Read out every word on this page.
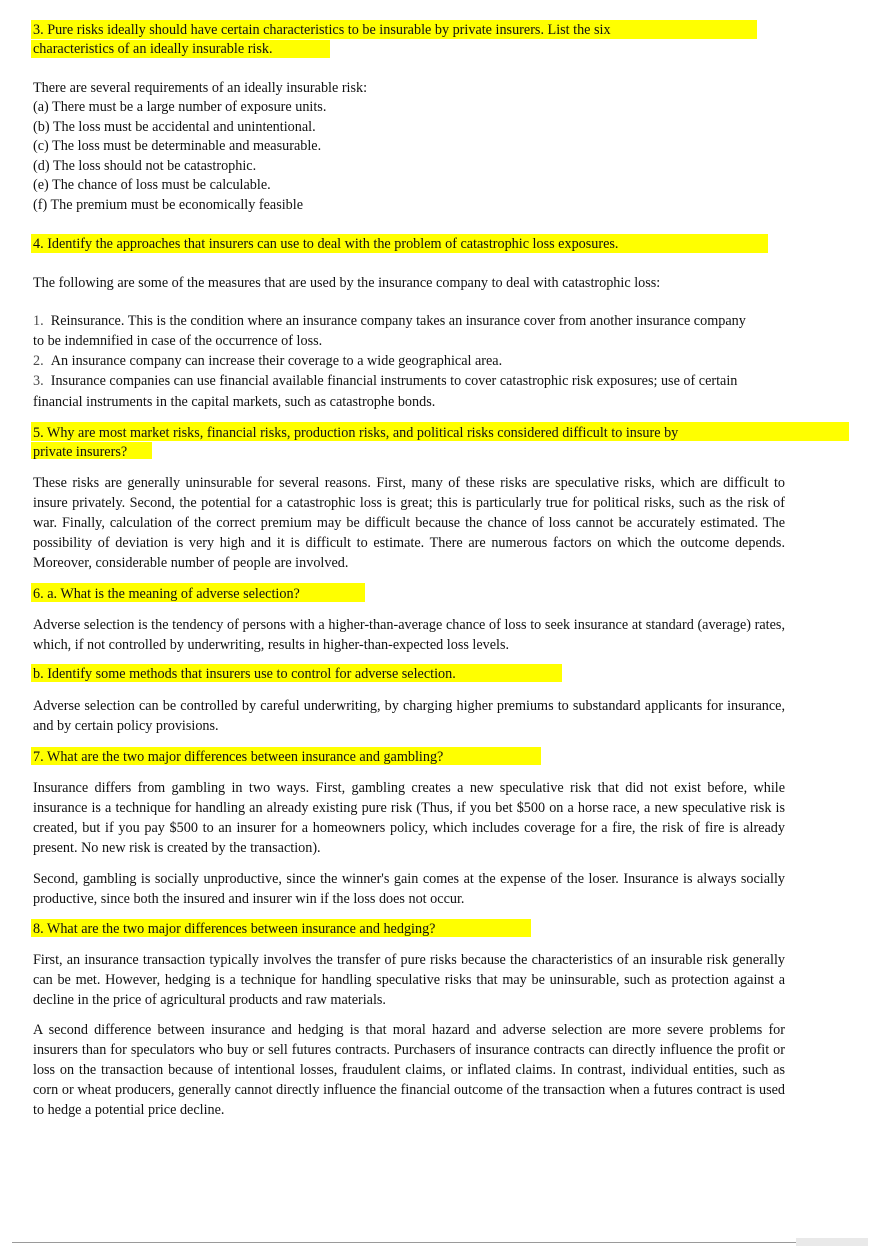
3. Pure risks ideally should have certain characteristics to be insurable by private insurers. List the six

characteristics of an ideally insurable risk.

There are several requirements of an ideally insurable risk:

(a) There must be a large number of exposure units.

(b) The loss must be accidental and unintentional.

(c) The loss must be determinable and measurable.

(d) The loss should not be catastrophic.

(e) The chance of loss must be calculable.

(f) The premium must be economically feasible

4. Identify the approaches that insurers can use to deal with the problem of catastrophic loss exposures.

The following are some of the measures that are used by the insurance company to deal with catastrophic loss:

1. Reinsurance. This is the condition where an insurance company takes an insurance cover from another insurance company

to be indemnified in case of the occurrence of loss.

2. An insurance company can increase their coverage to a wide geographical area.

3. Insurance companies can use financial available financial instruments to cover catastrophic risk exposures; use of certain

financial instruments in the capital markets, such as catastrophe bonds.

5. Why are most market risks, financial risks, production risks, and political risks considered difficult to insure by

private insurers?

These risks are generally uninsurable for several reasons. First, many of these risks are speculative risks, which are difficult to insure privately. Second, the potential for a catastrophic loss is great; this is particularly true for political risks, such as the risk of war. Finally, calculation of the correct premium may be difficult because the chance of loss cannot be accurately estimated. The possibility of deviation is very high and it is difficult to estimate. There are numerous factors on which the outcome depends. Moreover, considerable number of people are involved.

6. a. What is the meaning of adverse selection?

Adverse selection is the tendency of persons with a higher-than-average chance of loss to seek insurance at standard (average) rates, which, if not controlled by underwriting, results in higher-than-expected loss levels.

b. Identify some methods that insurers use to control for adverse selection.

Adverse selection can be controlled by careful underwriting, by charging higher premiums to substandard applicants for insurance, and by certain policy provisions.

7. What are the two major differences between insurance and gambling?

Insurance differs from gambling in two ways. First, gambling creates a new speculative risk that did not exist before, while insurance is a technique for handling an already existing pure risk (Thus, if you bet $500 on a horse race, a new speculative risk is created, but if you pay $500 to an insurer for a homeowners policy, which includes coverage for a fire, the risk of fire is already present. No new risk is created by the transaction).

Second, gambling is socially unproductive, since the winner's gain comes at the expense of the loser. Insurance is always socially productive, since both the insured and insurer win if the loss does not occur.

8. What are the two major differences between insurance and hedging?

First, an insurance transaction typically involves the transfer of pure risks because the characteristics of an insurable risk generally can be met. However, hedging is a technique for handling speculative risks that may be uninsurable, such as protection against a decline in the price of agricultural products and raw materials.

A second difference between insurance and hedging is that moral hazard and adverse selection are more severe problems for insurers than for speculators who buy or sell futures contracts. Purchasers of insurance contracts can directly influence the profit or loss on the transaction because of intentional losses, fraudulent claims, or inflated claims. In contrast, individual entities, such as corn or wheat producers, generally cannot directly influence the financial outcome of the transaction when a futures contract is used to hedge a potential price decline.
